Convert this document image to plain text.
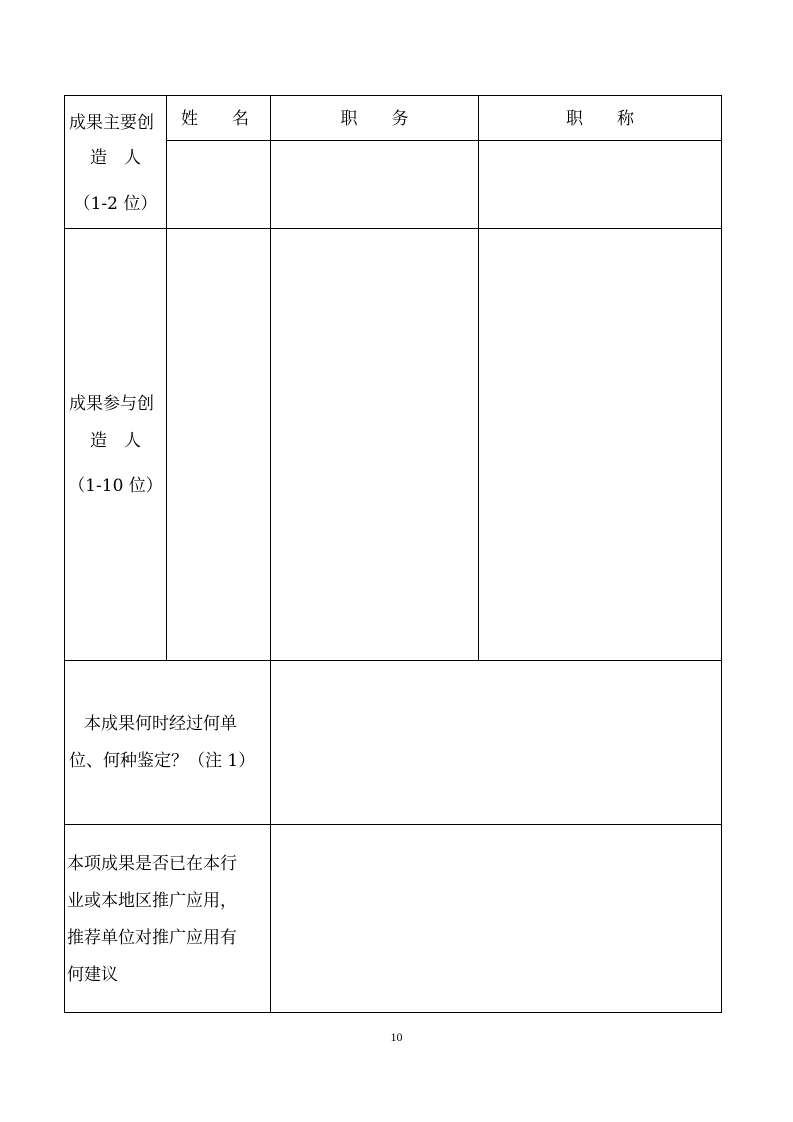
姓　　名	职　　务	职　　称
成果主要创
造　人
（1-2 位）
成果参与创
造　人
（1-10 位）
本成果何时经过何单
位、何种鉴定？（注 1）
本项成果是否已在本行
业或本地区推广应用，
推荐单位对推广应用有
何建议
10
